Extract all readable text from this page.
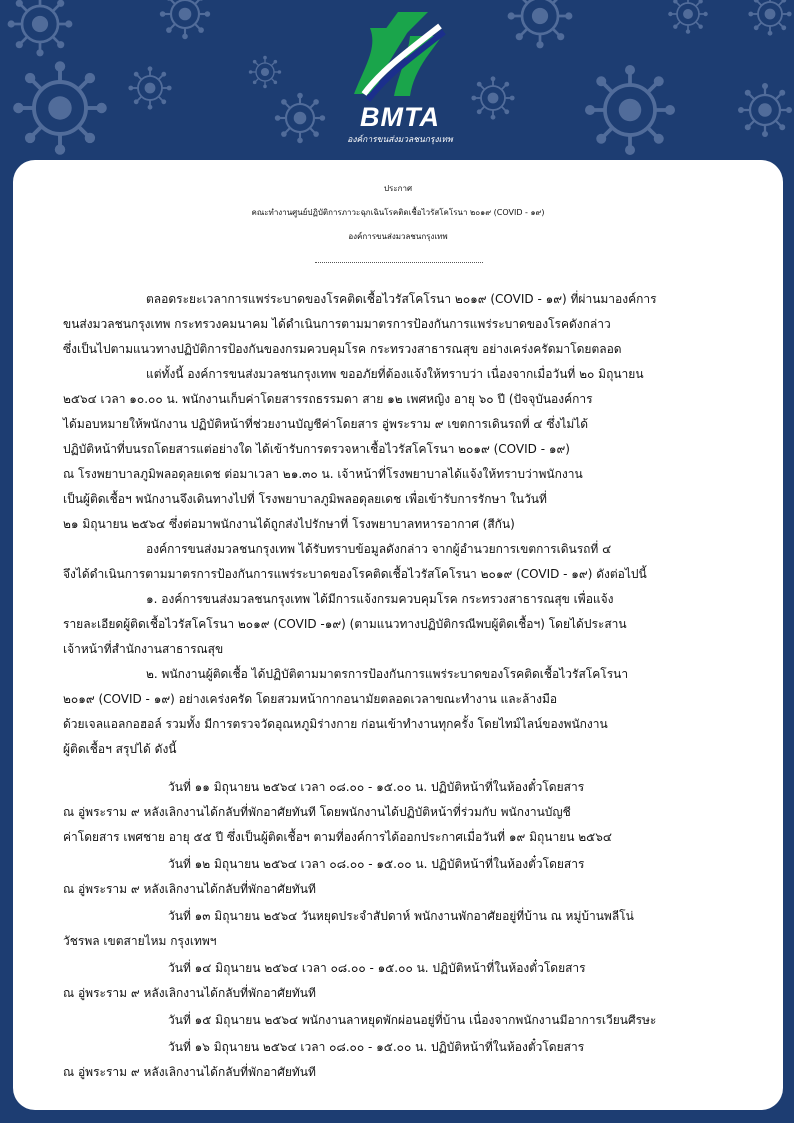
BMTA
องค์การขนส่งมวลชนกรุงเทพ
ประกาศ
คณะทำงานศูนย์ปฏิบัติการภาวะฉุกเฉินโรคติดเชื้อไวรัสโคโรนา ๒๐๑๙ (COVID - ๑๙)
องค์การขนส่งมวลชนกรุงเทพ
ตลอดระยะเวลาการแพร่ระบาดของโรคติดเชื้อไวรัสโคโรนา ๒๐๑๙ (COVID - ๑๙) ที่ผ่านมาองค์การ
ขนส่งมวลชนกรุงเทพ กระทรวงคมนาคม ได้ดำเนินการตามมาตรการป้องกันการแพร่ระบาดของโรคดังกล่าว
ซึ่งเป็นไปตามแนวทางปฏิบัติการป้องกันของกรมควบคุมโรค กระทรวงสาธารณสุข อย่างเคร่งครัดมาโดยตลอด
แต่ทั้งนี้ องค์การขนส่งมวลชนกรุงเทพ ขออภัยที่ต้องแจ้งให้ทราบว่า เนื่องจากเมื่อวันที่ ๒๐ มิถุนายน
๒๕๖๔ เวลา ๑๐.๐๐ น. พนักงานเก็บค่าโดยสารรถธรรมดา สาย ๑๒ เพศหญิง อายุ ๖๐ ปี (ปัจจุบันองค์การ
ได้มอบหมายให้พนักงาน ปฏิบัติหน้าที่ช่วยงานบัญชีค่าโดยสาร อู่พระราม ๙ เขตการเดินรถที่ ๔ ซึ่งไม่ได้
ปฏิบัติหน้าที่บนรถโดยสารแต่อย่างใด ได้เข้ารับการตรวจหาเชื้อไวรัสโคโรนา ๒๐๑๙ (COVID - ๑๙)
ณ โรงพยาบาลภูมิพลอดุลยเดช ต่อมาเวลา ๒๑.๓๐ น. เจ้าหน้าที่โรงพยาบาลได้แจ้งให้ทราบว่าพนักงาน
เป็นผู้ติดเชื้อฯ พนักงานจึงเดินทางไปที่ โรงพยาบาลภูมิพลอดุลยเดช เพื่อเข้ารับการรักษา ในวันที่
๒๑ มิถุนายน ๒๕๖๔ ซึ่งต่อมาพนักงานได้ถูกส่งไปรักษาที่ โรงพยาบาลทหารอากาศ (สีกัน)
องค์การขนส่งมวลชนกรุงเทพ ได้รับทราบข้อมูลดังกล่าว จากผู้อำนวยการเขตการเดินรถที่ ๔
จึงได้ดำเนินการตามมาตรการป้องกันการแพร่ระบาดของโรคติดเชื้อไวรัสโคโรนา ๒๐๑๙ (COVID - ๑๙) ดังต่อไปนี้
๑. องค์การขนส่งมวลชนกรุงเทพ ได้มีการแจ้งกรมควบคุมโรค กระทรวงสาธารณสุข เพื่อแจ้ง
รายละเอียดผู้ติดเชื้อไวรัสโคโรนา ๒๐๑๙ (COVID -๑๙) (ตามแนวทางปฏิบัติกรณีพบผู้ติดเชื้อฯ) โดยได้ประสาน
เจ้าหน้าที่สำนักงานสาธารณสุข
๒. พนักงานผู้ติดเชื้อ ได้ปฏิบัติตามมาตรการป้องกันการแพร่ระบาดของโรคติดเชื้อไวรัสโคโรนา
๒๐๑๙ (COVID - ๑๙) อย่างเคร่งครัด โดยสวมหน้ากากอนามัยตลอดเวลาขณะทำงาน และล้างมือ
ด้วยเจลแอลกอฮอล์ รวมทั้ง มีการตรวจวัดอุณหภูมิร่างกาย ก่อนเข้าทำงานทุกครั้ง โดยไทม์ไลน์ของพนักงาน
ผู้ติดเชื้อฯ สรุปได้ ดังนี้
วันที่ ๑๑ มิถุนายน ๒๕๖๔ เวลา ๐๘.๐๐ - ๑๕.๐๐ น. ปฏิบัติหน้าที่ในห้องตั๋วโดยสาร
ณ อู่พระราม ๙ หลังเลิกงานได้กลับที่พักอาศัยทันที โดยพนักงานได้ปฏิบัติหน้าที่ร่วมกับ พนักงานบัญชี
ค่าโดยสาร เพศชาย อายุ ๕๕ ปี ซึ่งเป็นผู้ติดเชื้อฯ ตามที่องค์การได้ออกประกาศเมื่อวันที่ ๑๙ มิถุนายน ๒๕๖๔
วันที่ ๑๒ มิถุนายน ๒๕๖๔ เวลา ๐๘.๐๐ - ๑๕.๐๐ น. ปฏิบัติหน้าที่ในห้องตั๋วโดยสาร
ณ อู่พระราม ๙ หลังเลิกงานได้กลับที่พักอาศัยทันที
วันที่ ๑๓ มิถุนายน ๒๕๖๔ วันหยุดประจำสัปดาห์ พนักงานพักอาศัยอยู่ที่บ้าน ณ หมู่บ้านพลีโน่
วัชรพล เขตสายไหม กรุงเทพฯ
วันที่ ๑๔ มิถุนายน ๒๕๖๔ เวลา ๐๘.๐๐ - ๑๕.๐๐ น. ปฏิบัติหน้าที่ในห้องตั๋วโดยสาร
ณ อู่พระราม ๙ หลังเลิกงานได้กลับที่พักอาศัยทันที
วันที่ ๑๕ มิถุนายน ๒๕๖๔ พนักงานลาหยุดพักผ่อนอยู่ที่บ้าน เนื่องจากพนักงานมีอาการเวียนศีรษะ
วันที่ ๑๖ มิถุนายน ๒๕๖๔ เวลา ๐๘.๐๐ - ๑๕.๐๐ น. ปฏิบัติหน้าที่ในห้องตั๋วโดยสาร
ณ อู่พระราม ๙ หลังเลิกงานได้กลับที่พักอาศัยทันที
